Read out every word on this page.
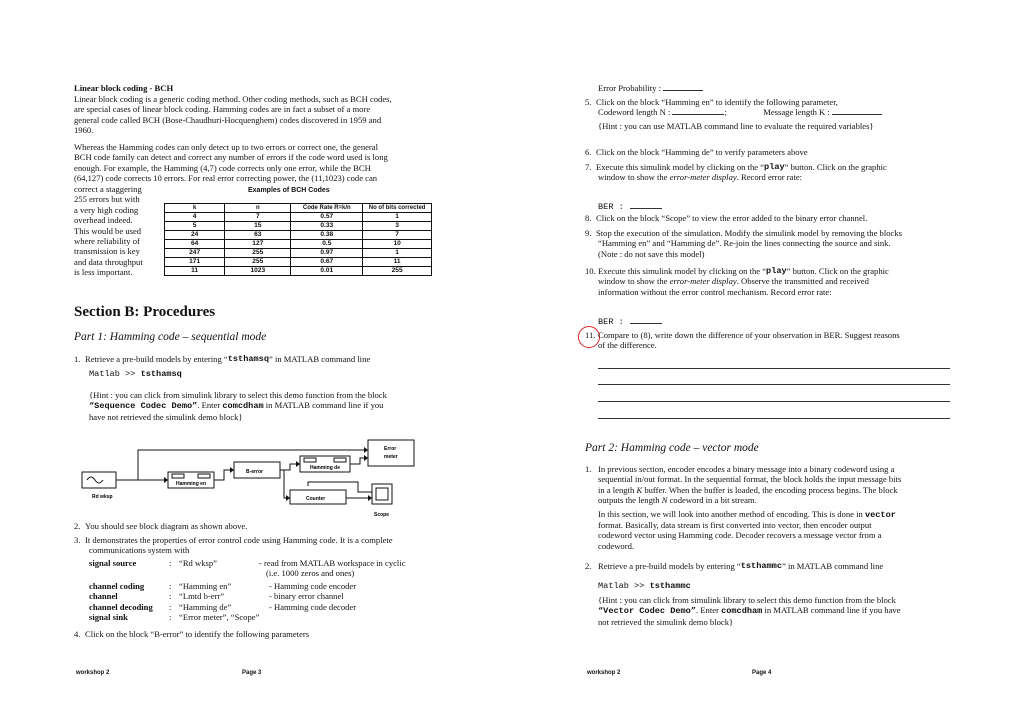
Linear block coding - BCH
Linear block coding is a generic coding method. Other coding methods, such as BCH codes,
are special cases of linear block coding. Hamming codes are in fact a subset of a more
general code called BCH (Bose-Chaudhuri-Hocquenghem) codes discovered in 1959 and
1960.
Whereas the Hamming codes can only detect up to two errors or correct one, the general
BCH code family can detect and correct any number of errors if the code word used is long
enough. For example, the Hamming (4,7) code corrects only one error, while the BCH
(64,127) code corrects 10 errors. For real error correcting power, the (11,1023) code can
correct a staggering
255 errors but with
a very high coding
overhead indeed.
This would be used
where reliability of
transmission is key
and data throughput
is less important.
Examples of BCH Codes
k	n	Code Rate R=k/n	No of bits corrected
4	7	0.57	1
5	15	0.33	3
24	63	0.38	7
64	127	0.5	10
247	255	0.97	1
171	255	0.67	11
11	1023	0.01	255
Section B: Procedures
Part 1: Hamming code – sequential mode
1. Retrieve a pre-build models by entering “ tsthamsq ” in MATLAB command line
Matlab >> tsthamsq
{Hint : you can click from simulink library to select this demo function from the block
“Sequence Codec Demo”. Enter comcdham in MATLAB command line if you
have not retrieved the simulink demo block}
Rd wksp
Hamming en
B-error
Hamming de
Error
meter
Counter
Scope
2. You should see block diagram as shown above.
3. It demonstrates the properties of error control code using Hamming code. It is a complete
communications system with
signal source	: “Rd wksp”	- read from MATLAB workspace in cyclic
(i.e. 1000 zeros and ones)
channel coding	: “Hamming en”	- Hamming code encoder
channel	: “Lmtd b-err”	- binary error channel
channel decoding	: “Hamming de”	- Hamming code decoder
signal sink	: “Error meter”, “Scope”
4. Click on the block “B-error” to identify the following parameters
workshop 2	Page 3
Error Probability :
5. Click on the block “Hamming en” to identify the following parameter,
Codeword length N :	;	Message length K :
{Hint : you can use MATLAB command line to evaluate the required variables}
6. Click on the block “Hamming de” to verify parameters above
7. Execute this simulink model by clicking on the “ play ” button. Click on the graphic
window to show the error-meter display. Record error rate:
BER :
8. Click on the block “Scope” to view the error added to the binary error channel.
9. Stop the execution of the simulation. Modify the simulink model by removing the blocks
“Hamming en” and “Hamming de”. Re-join the lines connecting the source and sink.
(Note : do not save this model)
10. Execute this simulink model by clicking on the “ play ” button. Click on the graphic
window to show the error-meter display. Observe the transmitted and received
information without the error control mechanism. Record error rate:
BER :
11. Compare to (8), write down the difference of your observation in BER. Suggest reasons
of the difference.
Part 2: Hamming code – vector mode
1. In previous section, encoder encodes a binary message into a binary codeword using a
sequential in/out format. In the sequential format, the block holds the input message bits
in a length K buffer. When the buffer is loaded, the encoding process begins. The block
outputs the length N codeword in a bit stream.
In this section, we will look into another method of encoding. This is done in vector
format. Basically, data stream is first converted into vector, then encoder output
codeword vector using Hamming code. Decoder recovers a message vector from a
codeword.
2. Retrieve a pre-build models by entering “ tsthammc ” in MATLAB command line
Matlab >> tsthammc
{Hint : you can click from simulink library to select this demo function from the block
“Vector Codec Demo”. Enter comcdham in MATLAB command line if you have
not retrieved the simulink demo block}
workshop 2	Page 4
